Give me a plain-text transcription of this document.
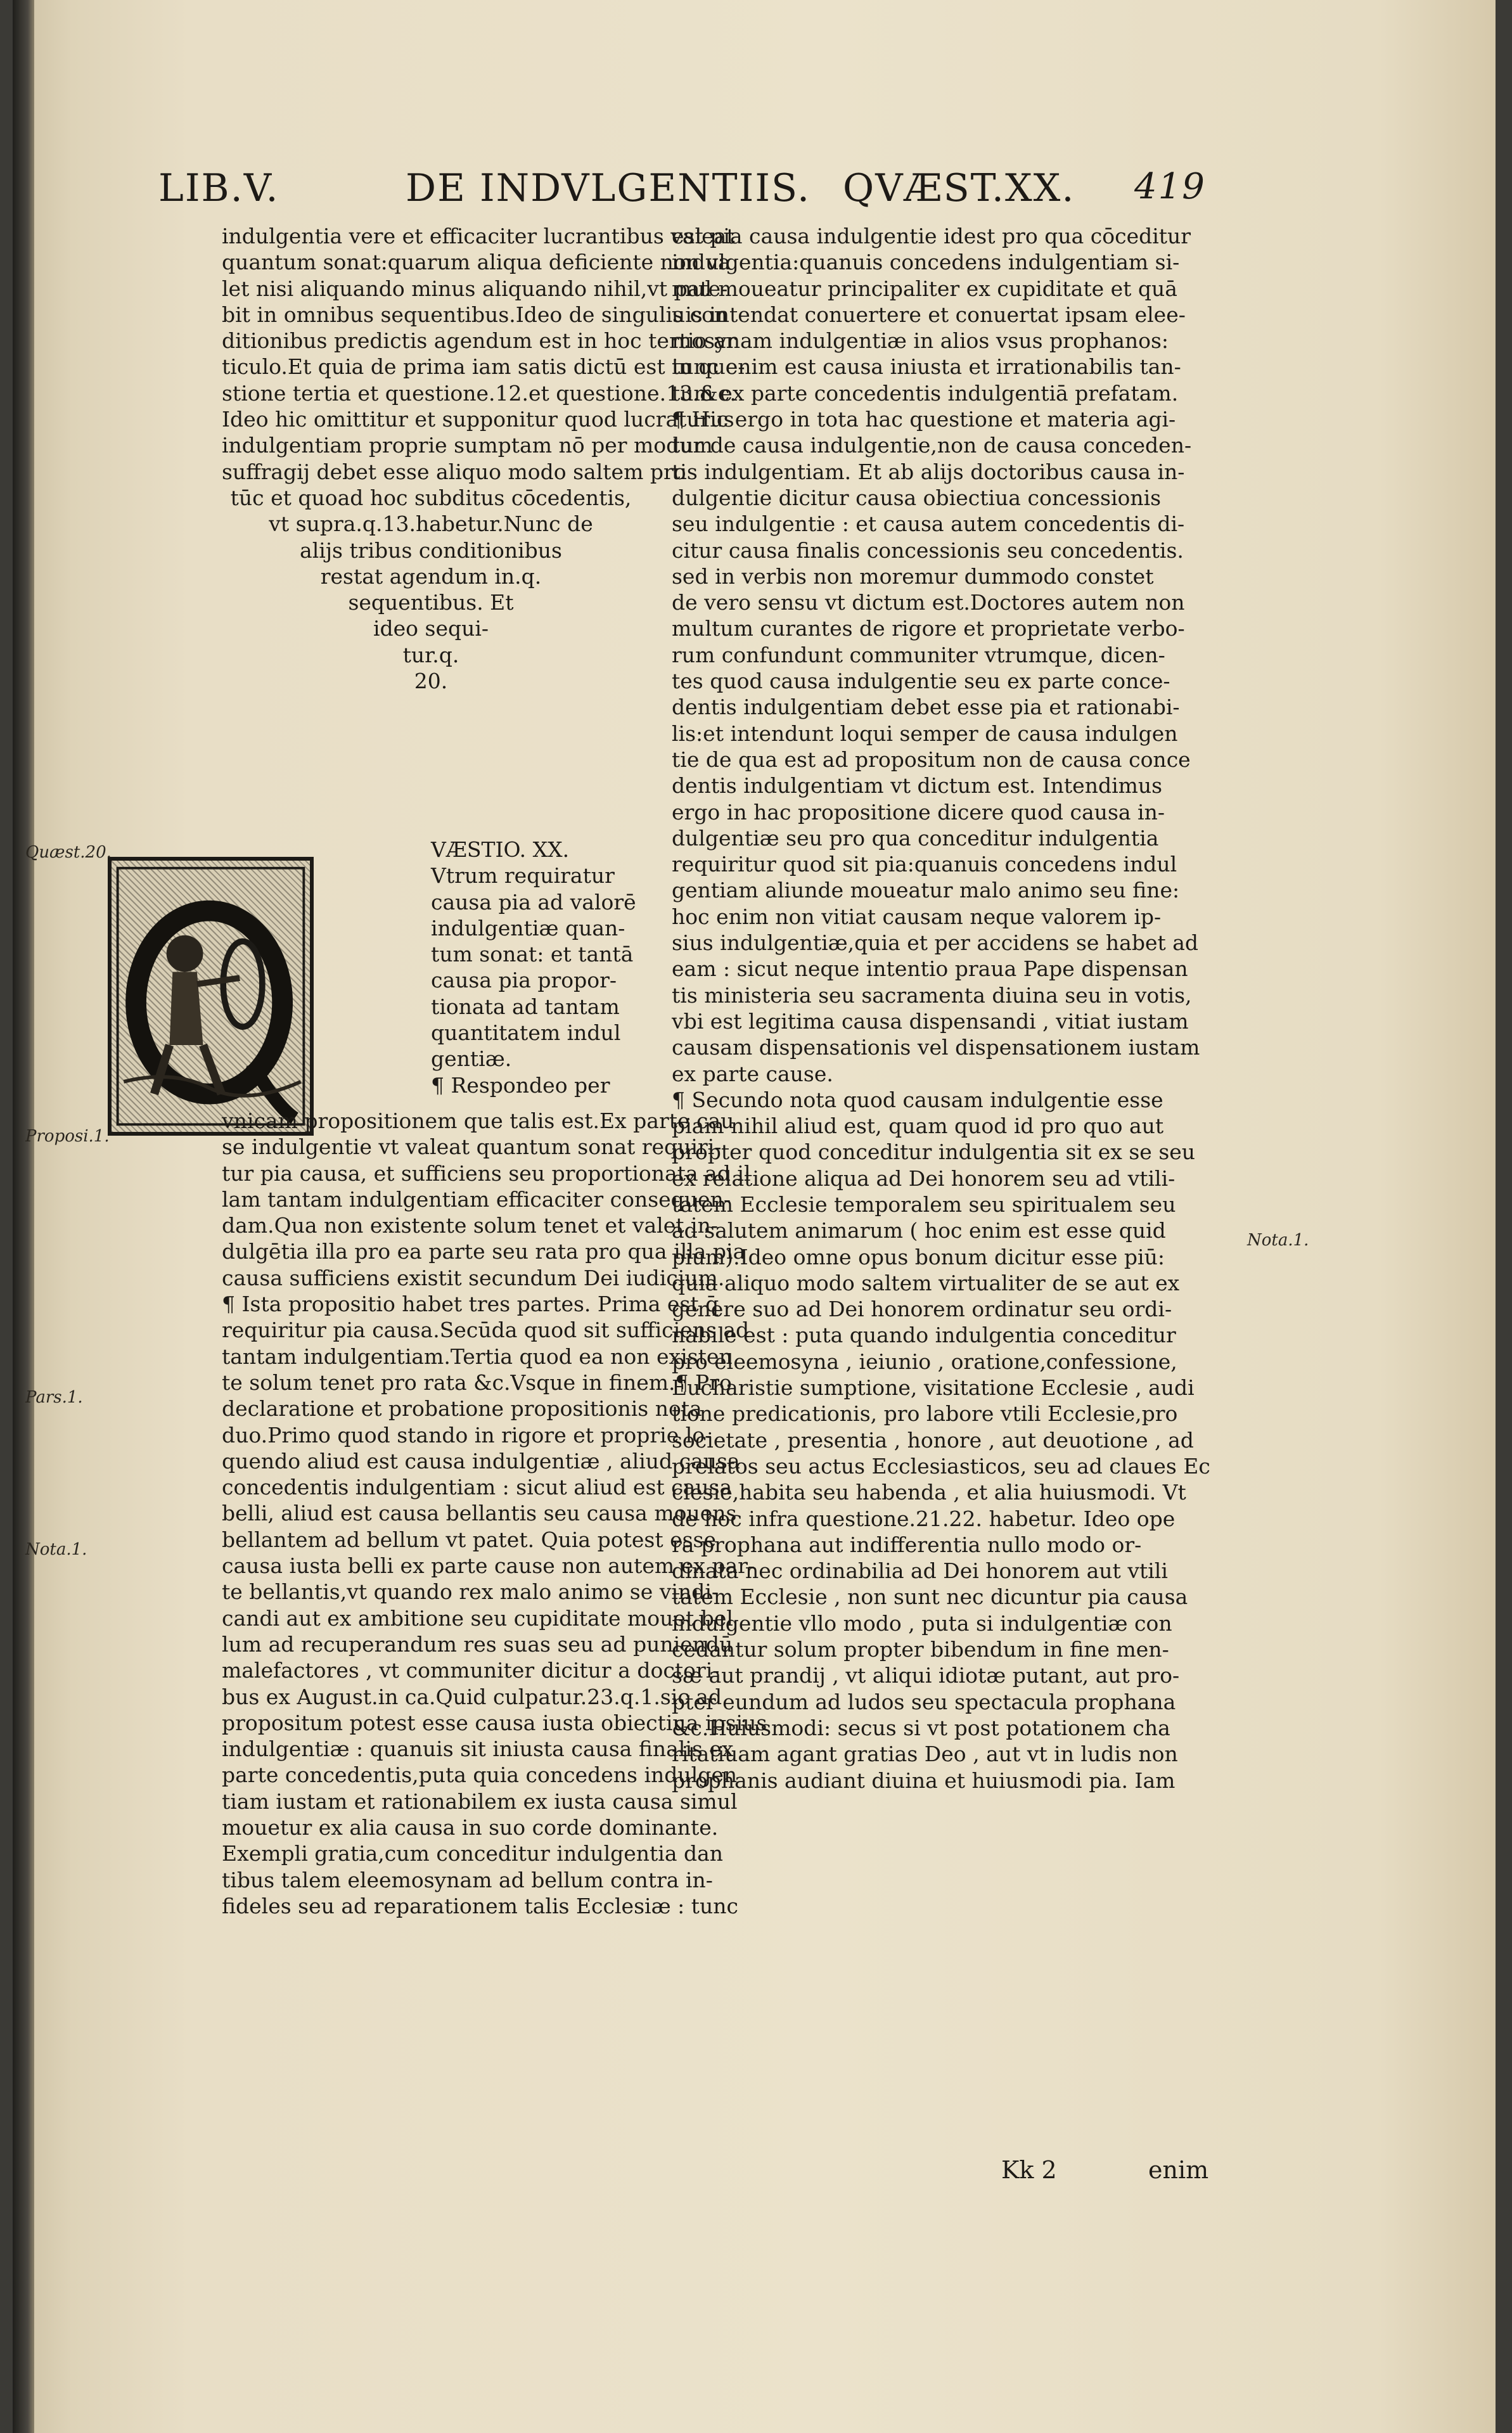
LIB.V.	DE INDVLGENTIIS. QVÆST.XX. 419
indulgentia vere et efficaciter lucrantibus valeat
quantum sonat:quarum aliqua deficiente non va
let nisi aliquando minus aliquando nihil,vt pate-
bit in omnibus sequentibus.Ideo de singulis con
ditionibus predictis agendum est in hoc tertio ar
ticulo.Et quia de prima iam satis dictū est in que-
stione tertia et questione.12.et questione.13.&c.
Ideo hic omittitur et supponitur quod lucraturus
indulgentiam proprie sumptam nō per modum
suffragij debet esse aliquo modo saltem pro
tūc et quoad hoc subditus cōcedentis,
vt supra.q.13.habetur.Nunc de
alijs tribus conditionibus
restat agendum in.q.
sequentibus. Et
ideo sequi-
tur.q.
20.
VÆSTIO. XX.
Vtrum requiratur
causa pia ad valorē
indulgentiæ quan-
tum sonat: et tantā
causa pia propor-
tionata ad tantam
quantitatem indul
gentiæ.
¶ Respondeo per
vnicam propositionem que talis est.Ex parte cau
se indulgentie vt valeat quantum sonat requiri-
tur pia causa, et sufficiens seu proportionata ad il
lam tantam indulgentiam efficaciter consequen-
dam.Qua non existente solum tenet et valet in-
dulgētia illa pro ea parte seu rata pro qua illa pia
causa sufficiens existit secundum Dei iudicium.
¶ Ista propositio habet tres partes. Prima est q̄
requiritur pia causa.Secūda quod sit sufficiens ad
tantam indulgentiam.Tertia quod ea non existen
te solum tenet pro rata &c.Vsque in finem.¶ Pro
declaratione et probatione propositionis nota
duo.Primo quod stando in rigore et proprie lo-
quendo aliud est causa indulgentiæ , aliud causa
concedentis indulgentiam : sicut aliud est causa
belli, aliud est causa bellantis seu causa mouens
bellantem ad bellum vt patet. Quia potest esse
causa iusta belli ex parte cause non autem ex par-
te bellantis,vt quando rex malo animo se vindi-
candi aut ex ambitione seu cupiditate mouet bel
lum ad recuperandum res suas seu ad puniendū
malefactores , vt communiter dicitur a doctori-
bus ex August.in ca.Quid culpatur.23.q.1.sic ad
propositum potest esse causa iusta obiectiua ipsius
indulgentiæ : quanuis sit iniusta causa finalis ex
parte concedentis,puta quia concedens indulgen
tiam iustam et rationabilem ex iusta causa simul
mouetur ex alia causa in suo corde dominante.
Exempli gratia,cum conceditur indulgentia dan
tibus talem eleemosynam ad bellum contra in-
fideles seu ad reparationem talis Ecclesiæ : tunc
est pia causa indulgentie idest pro qua cōceditur
indulgentia:quanuis concedens indulgentiam si-
mul moueatur principaliter ex cupiditate et quā
uis intendat conuertere et conuertat ipsam elee-
mosynam indulgentiæ in alios vsus prophanos:
tunc enim est causa iniusta et irrationabilis tan-
tum ex parte concedentis indulgentiā prefatam.
¶ Hic ergo in tota hac questione et materia agi-
tur de causa indulgentie,non de causa conceden-
tis indulgentiam. Et ab alijs doctoribus causa in-
dulgentie dicitur causa obiectiua concessionis
seu indulgentie : et causa autem concedentis di-
citur causa finalis concessionis seu concedentis.
sed in verbis non moremur dummodo constet
de vero sensu vt dictum est.Doctores autem non
multum curantes de rigore et proprietate verbo-
rum confundunt communiter vtrumque, dicen-
tes quod causa indulgentie seu ex parte conce-
dentis indulgentiam debet esse pia et rationabi-
lis:et intendunt loqui semper de causa indulgen
tie de qua est ad propositum non de causa conce
dentis indulgentiam vt dictum est. Intendimus
ergo in hac propositione dicere quod causa in-
dulgentiæ seu pro qua conceditur indulgentia
requiritur quod sit pia:quanuis concedens indul
gentiam aliunde moueatur malo animo seu fine:
hoc enim non vitiat causam neque valorem ip-
sius indulgentiæ,quia et per accidens se habet ad
eam : sicut neque intentio praua Pape dispensan
tis ministeria seu sacramenta diuina seu in votis,
vbi est legitima causa dispensandi , vitiat iustam
causam dispensationis vel dispensationem iustam
ex parte cause.
¶ Secundo nota quod causam indulgentie esse
piam nihil aliud est, quam quod id pro quo aut
propter quod conceditur indulgentia sit ex se seu
ex relatione aliqua ad Dei honorem seu ad vtili-
tatem Ecclesie temporalem seu spiritualem seu
ad salutem animarum ( hoc enim est esse quid
pium).Ideo omne opus bonum dicitur esse piū:
quia aliquo modo saltem virtualiter de se aut ex
genere suo ad Dei honorem ordinatur seu ordi-
nabile est : puta quando indulgentia conceditur
pro eleemosyna , ieiunio , oratione,confessione,
Eucharistie sumptione, visitatione Ecclesie , audi
tione predicationis, pro labore vtili Ecclesie,pro
societate , presentia , honore , aut deuotione , ad
prelatos seu actus Ecclesiasticos, seu ad claues Ec
clesie,habita seu habenda , et alia huiusmodi. Vt
de hoc infra questione.21.22. habetur. Ideo ope
ra prophana aut indifferentia nullo modo or-
dinata nec ordinabilia ad Dei honorem aut vtili
tatem Ecclesie , non sunt nec dicuntur pia causa
indulgentie vllo modo , puta si indulgentiæ con
cedantur solum propter bibendum in fine men-
sæ aut prandij , vt aliqui idiotæ putant, aut pro-
pter eundum ad ludos seu spectacula prophana
&c.Huiusmodi: secus si vt post potationem cha
ritatiuam agant gratias Deo , aut vt in ludis non
prophanis audiant diuina et huiusmodi pia. Iam
Quæst.20.
Proposi.1.
Pars.1.
Nota.1.
Nota.1.
Kk 2	enim
